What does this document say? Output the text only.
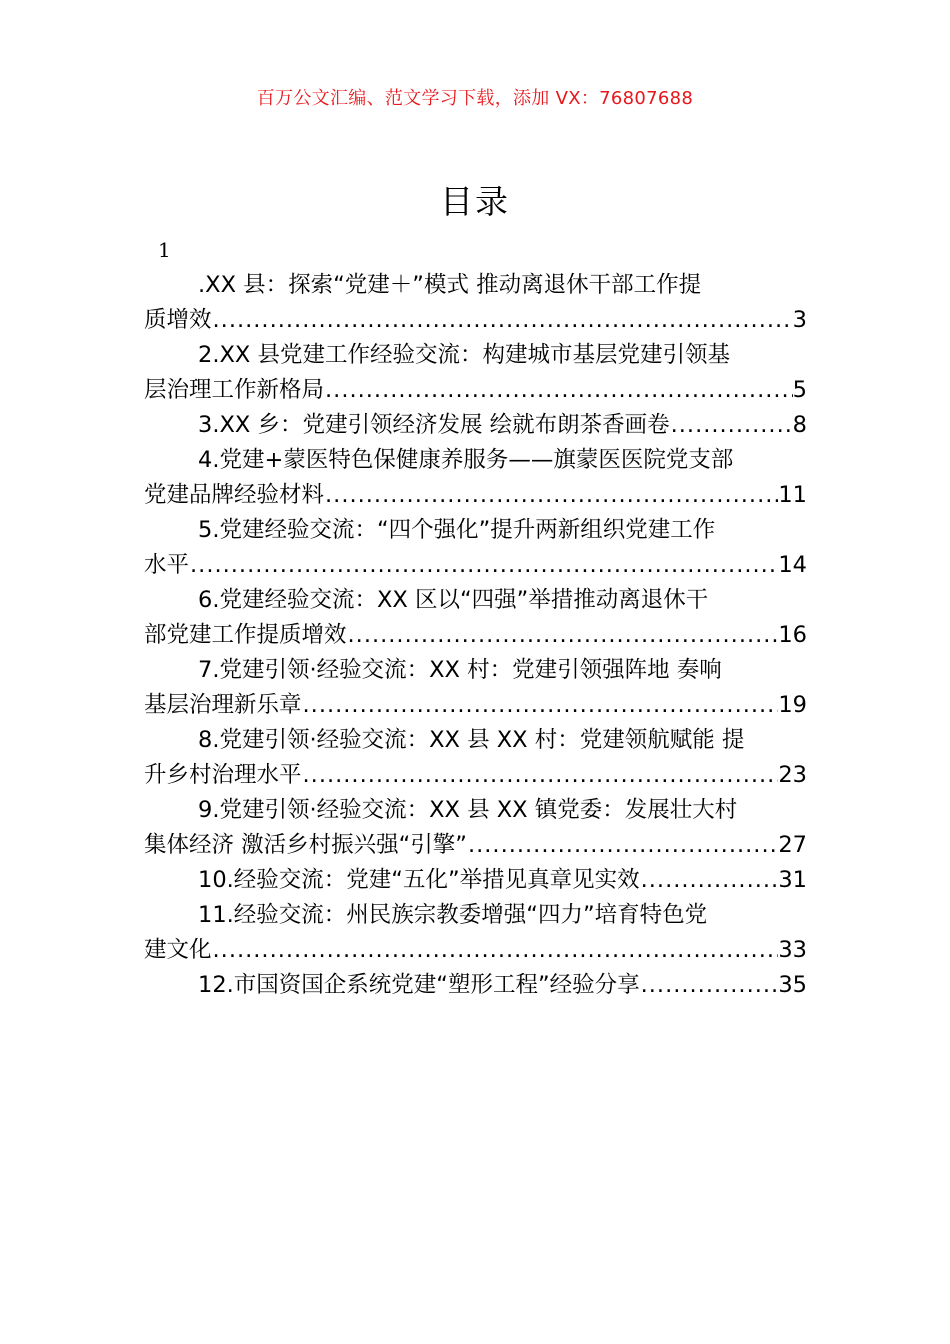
百万公文汇编、范文学习下载，添加 VX：76807688
目录
1
.XX 县：探索“党建＋”模式 推动离退休干部工作提
质增效 .....	3
2.XX 县党建工作经验交流：构建城市基层党建引领基
层治理工作新格局 .....	5
3.XX 乡：党建引领经济发展 绘就布朗茶香画卷 .....	8
4.党建+蒙医特色保健康养服务——旗蒙医医院党支部
党建品牌经验材料 .....	11
5.党建经验交流：“四个强化”提升两新组织党建工作
水平 .....	14
6.党建经验交流：XX 区以“四强”举措推动离退休干
部党建工作提质增效 .....	16
7.党建引领·经验交流：XX 村：党建引领强阵地 奏响
基层治理新乐章 .....	19
8.党建引领·经验交流：XX 县 XX 村：党建领航赋能 提
升乡村治理水平 .....	23
9.党建引领·经验交流：XX 县 XX 镇党委：发展壮大村
集体经济 激活乡村振兴强“引擎” .....	27
10.经验交流：党建“五化”举措见真章见实效 .....	31
11.经验交流：州民族宗教委增强“四力”培育特色党
建文化 .....	33
12.市国资国企系统党建“塑形工程”经验分享 .....	35
